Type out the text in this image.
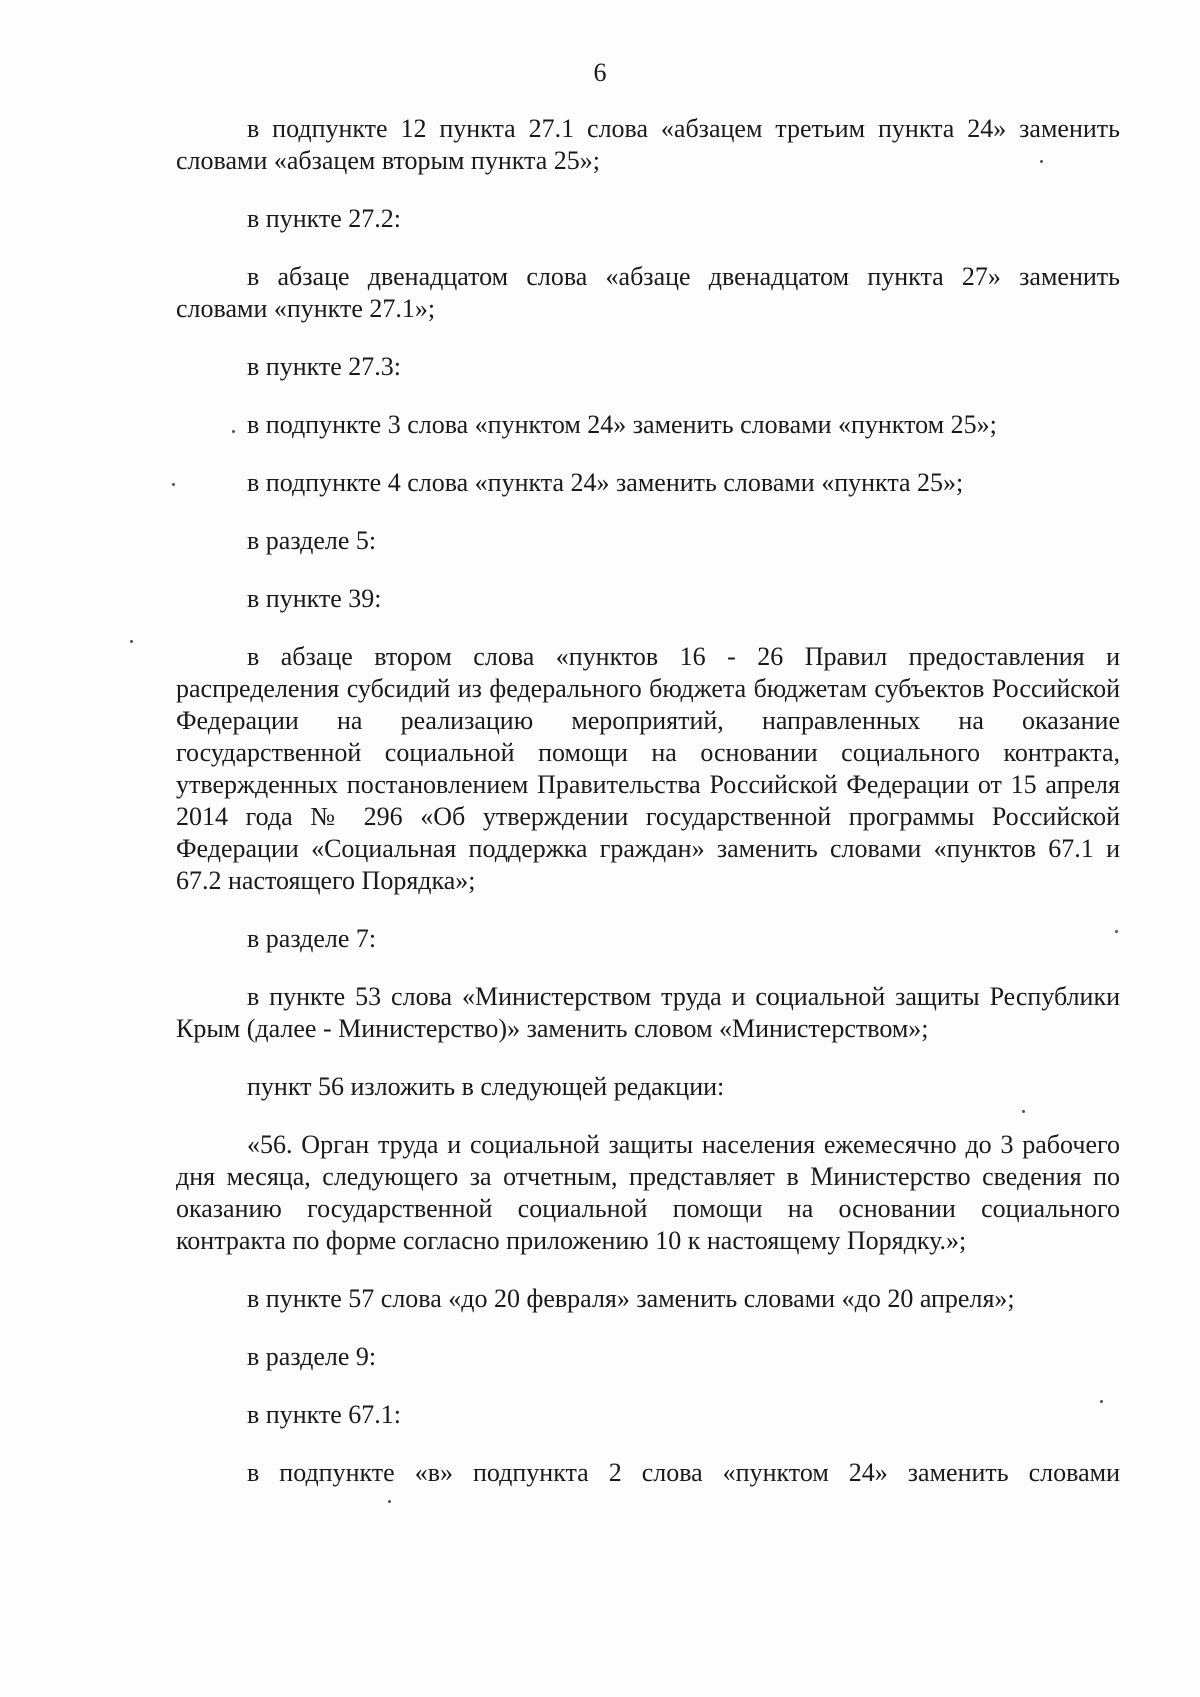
6

в подпункте 12 пункта 27.1 слова «абзацем третьим пункта 24» заменить словами «абзацем вторым пункта 25»;

в пункте 27.2:

в абзаце двенадцатом слова «абзаце двенадцатом пункта 27» заменить словами «пункте 27.1»;

в пункте 27.3:

в подпункте 3 слова «пунктом 24» заменить словами «пунктом 25»;

в подпункте 4 слова «пункта 24» заменить словами «пункта 25»;

в разделе 5:

в пункте 39:

в абзаце втором слова «пунктов 16 - 26 Правил предоставления и распределения субсидий из федерального бюджета бюджетам субъектов Российской Федерации на реализацию мероприятий, направленных на оказание государственной социальной помощи на основании социального контракта, утвержденных постановлением Правительства Российской Федерации от 15 апреля 2014 года № 296 «Об утверждении государственной программы Российской Федерации «Социальная поддержка граждан» заменить словами «пунктов 67.1 и 67.2 настоящего Порядка»;

в разделе 7:

в пункте 53 слова «Министерством труда и социальной защиты Республики Крым (далее - Министерство)» заменить словом «Министерством»;

пункт 56 изложить в следующей редакции:

«56. Орган труда и социальной защиты населения ежемесячно до 3 рабочего дня месяца, следующего за отчетным, представляет в Министерство сведения по оказанию государственной социальной помощи на основании социального контракта по форме согласно приложению 10 к настоящему Порядку.»;

в пункте 57 слова «до 20 февраля» заменить словами «до 20 апреля»;

в разделе 9:

в пункте 67.1:

в подпункте «в» подпункта 2 слова «пунктом 24» заменить словами
